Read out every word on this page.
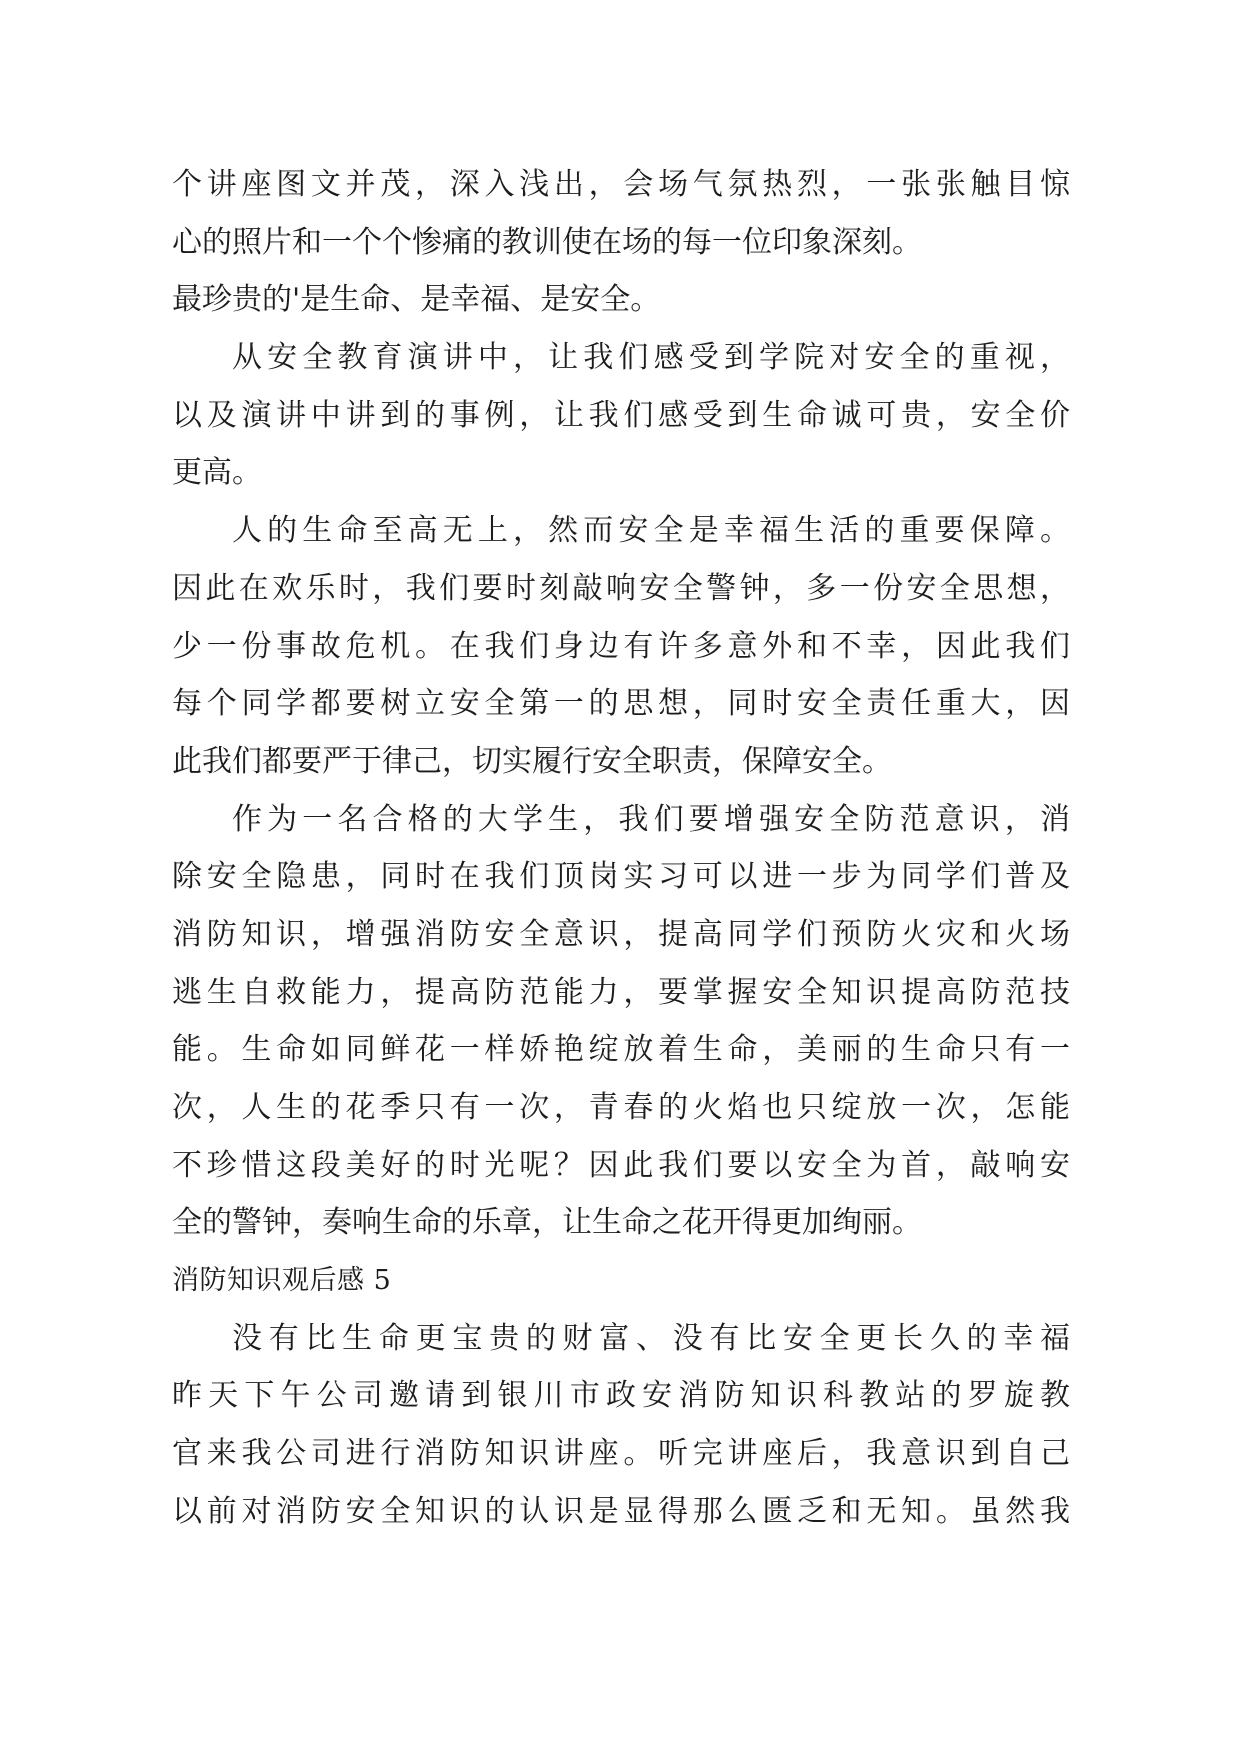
个讲座图文并茂，深入浅出，会场气氛热烈，一张张触目惊
心的照片和一个个惨痛的教训使在场的每一位印象深刻。
最珍贵的'是生命、是幸福、是安全。
从安全教育演讲中，让我们感受到学院对安全的重视，
以及演讲中讲到的事例，让我们感受到生命诚可贵，安全价
更高。
人的生命至高无上，然而安全是幸福生活的重要保障。
因此在欢乐时，我们要时刻敲响安全警钟，多一份安全思想，
少一份事故危机。在我们身边有许多意外和不幸，因此我们
每个同学都要树立安全第一的思想，同时安全责任重大，因
此我们都要严于律己，切实履行安全职责，保障安全。
作为一名合格的大学生，我们要增强安全防范意识，消
除安全隐患，同时在我们顶岗实习可以进一步为同学们普及
消防知识，增强消防安全意识，提高同学们预防火灾和火场
逃生自救能力，提高防范能力，要掌握安全知识提高防范技
能。生命如同鲜花一样娇艳绽放着生命，美丽的生命只有一
次，人生的花季只有一次，青春的火焰也只绽放一次，怎能
不珍惜这段美好的时光呢？因此我们要以安全为首，敲响安
全的警钟，奏响生命的乐章，让生命之花开得更加绚丽。
消防知识观后感 5
没有比生命更宝贵的财富、没有比安全更长久的幸福
昨天下午公司邀请到银川市政安消防知识科教站的罗旋教
官来我公司进行消防知识讲座。听完讲座后，我意识到自己
以前对消防安全知识的认识是显得那么匮乏和无知。虽然我
